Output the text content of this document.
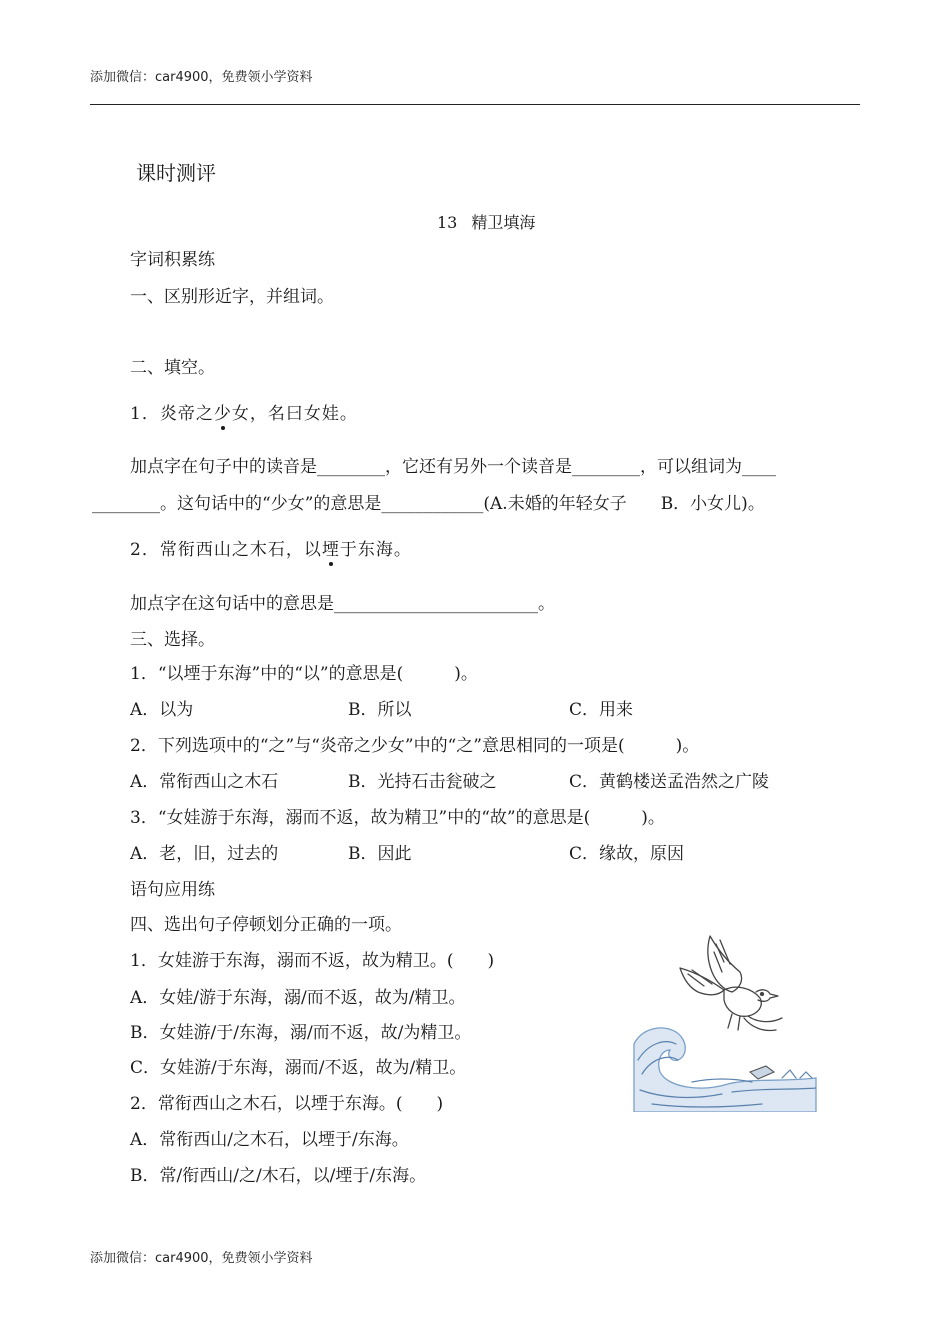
添加微信：car4900，免费领小学资料
课时测评
13 精卫填海
字词积累练
一、区别形近字，并组词。
二、填空。
1．炎帝之少女，名曰女娃。
加点字在句子中的读音是________，它还有另外一个读音是________，可以组词为____
________。这句话中的“少女”的意思是____________(A.未婚的年轻女子　　B．小女儿)。
2．常衔西山之木石，以堙于东海。
加点字在这句话中的意思是________________________。
三、选择。
1．“以堙于东海”中的“以”的意思是(　　　)。
A．以为	B．所以	C．用来
2．下列选项中的“之”与“炎帝之少女”中的“之”意思相同的一项是(　　　)。
A．常衔西山之木石	B．光持石击瓮破之	C．黄鹤楼送孟浩然之广陵
3．“女娃游于东海，溺而不返，故为精卫”中的“故”的意思是(　　　)。
A．老，旧，过去的	B．因此	C．缘故，原因
语句应用练
四、选出句子停顿划分正确的一项。
1．女娃游于东海，溺而不返，故为精卫。(　　)
A．女娃/游于东海，溺/而不返，故为/精卫。
B．女娃游/于/东海，溺/而不返，故/为精卫。
C．女娃游/于东海，溺而/不返，故为/精卫。
2．常衔西山之木石，以堙于东海。(　　)
A．常衔西山/之木石，以堙于/东海。
B．常/衔西山/之/木石，以/堙于/东海。
添加微信：car4900，免费领小学资料
